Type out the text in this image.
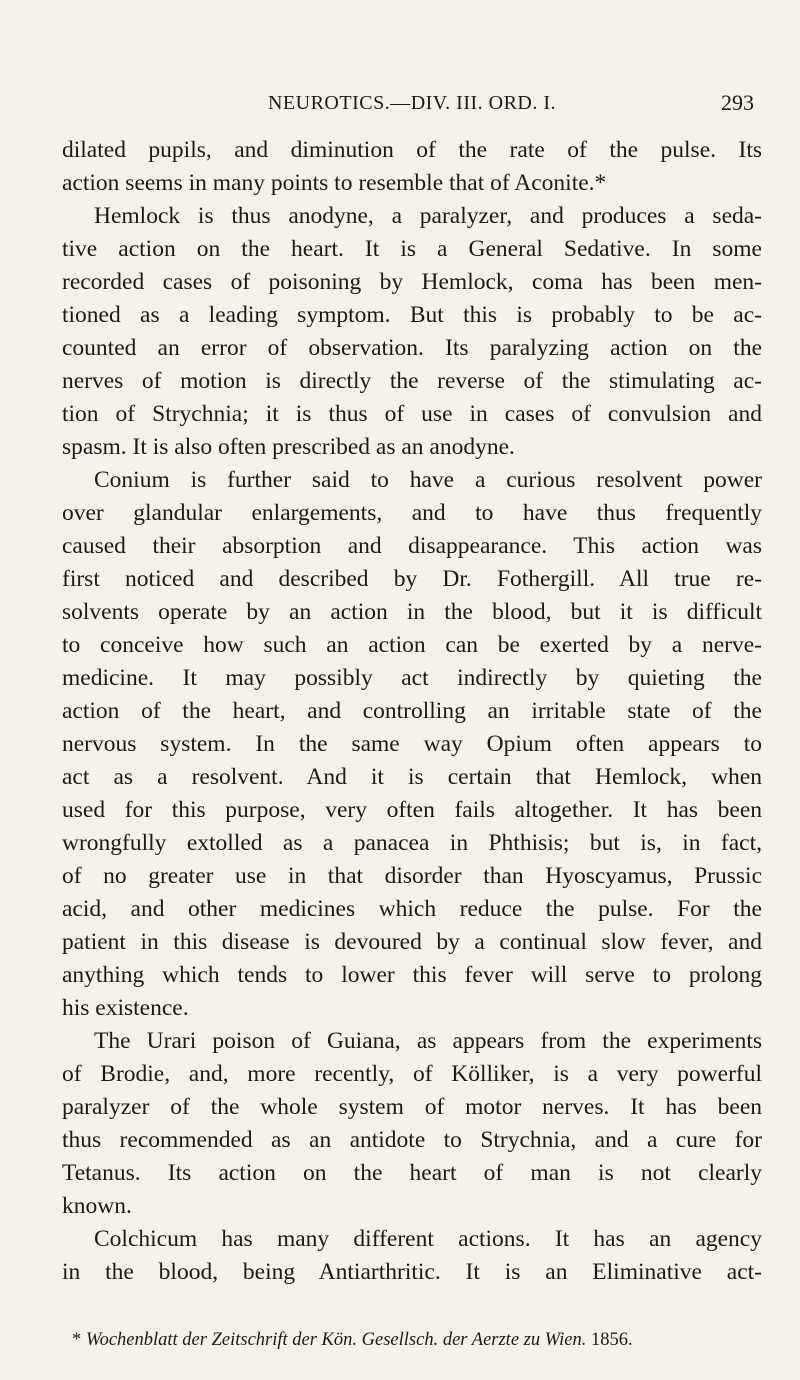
NEUROTICS.—DIV. III. ORD. I.	293
dilated pupils, and diminution of the rate of the pulse. Its
action seems in many points to resemble that of Aconite.*
Hemlock is thus anodyne, a paralyzer, and produces a seda-
tive action on the heart. It is a General Sedative. In some
recorded cases of poisoning by Hemlock, coma has been men-
tioned as a leading symptom. But this is probably to be ac-
counted an error of observation. Its paralyzing action on the
nerves of motion is directly the reverse of the stimulating ac-
tion of Strychnia; it is thus of use in cases of convulsion and
spasm. It is also often prescribed as an anodyne.
Conium is further said to have a curious resolvent power
over glandular enlargements, and to have thus frequently
caused their absorption and disappearance. This action was
first noticed and described by Dr. Fothergill. All true re-
solvents operate by an action in the blood, but it is difficult
to conceive how such an action can be exerted by a nerve-
medicine. It may possibly act indirectly by quieting the
action of the heart, and controlling an irritable state of the
nervous system. In the same way Opium often appears to
act as a resolvent. And it is certain that Hemlock, when
used for this purpose, very often fails altogether. It has been
wrongfully extolled as a panacea in Phthisis; but is, in fact,
of no greater use in that disorder than Hyoscyamus, Prussic
acid, and other medicines which reduce the pulse. For the
patient in this disease is devoured by a continual slow fever, and
anything which tends to lower this fever will serve to prolong
his existence.
The Urari poison of Guiana, as appears from the experiments
of Brodie, and, more recently, of Kölliker, is a very powerful
paralyzer of the whole system of motor nerves. It has been
thus recommended as an antidote to Strychnia, and a cure for
Tetanus. Its action on the heart of man is not clearly
known.
Colchicum has many different actions. It has an agency
in the blood, being Antiarthritic. It is an Eliminative act-
* Wochenblatt der Zeitschrift der Kön. Gesellsch. der Aerzte zu Wien. 1856.
